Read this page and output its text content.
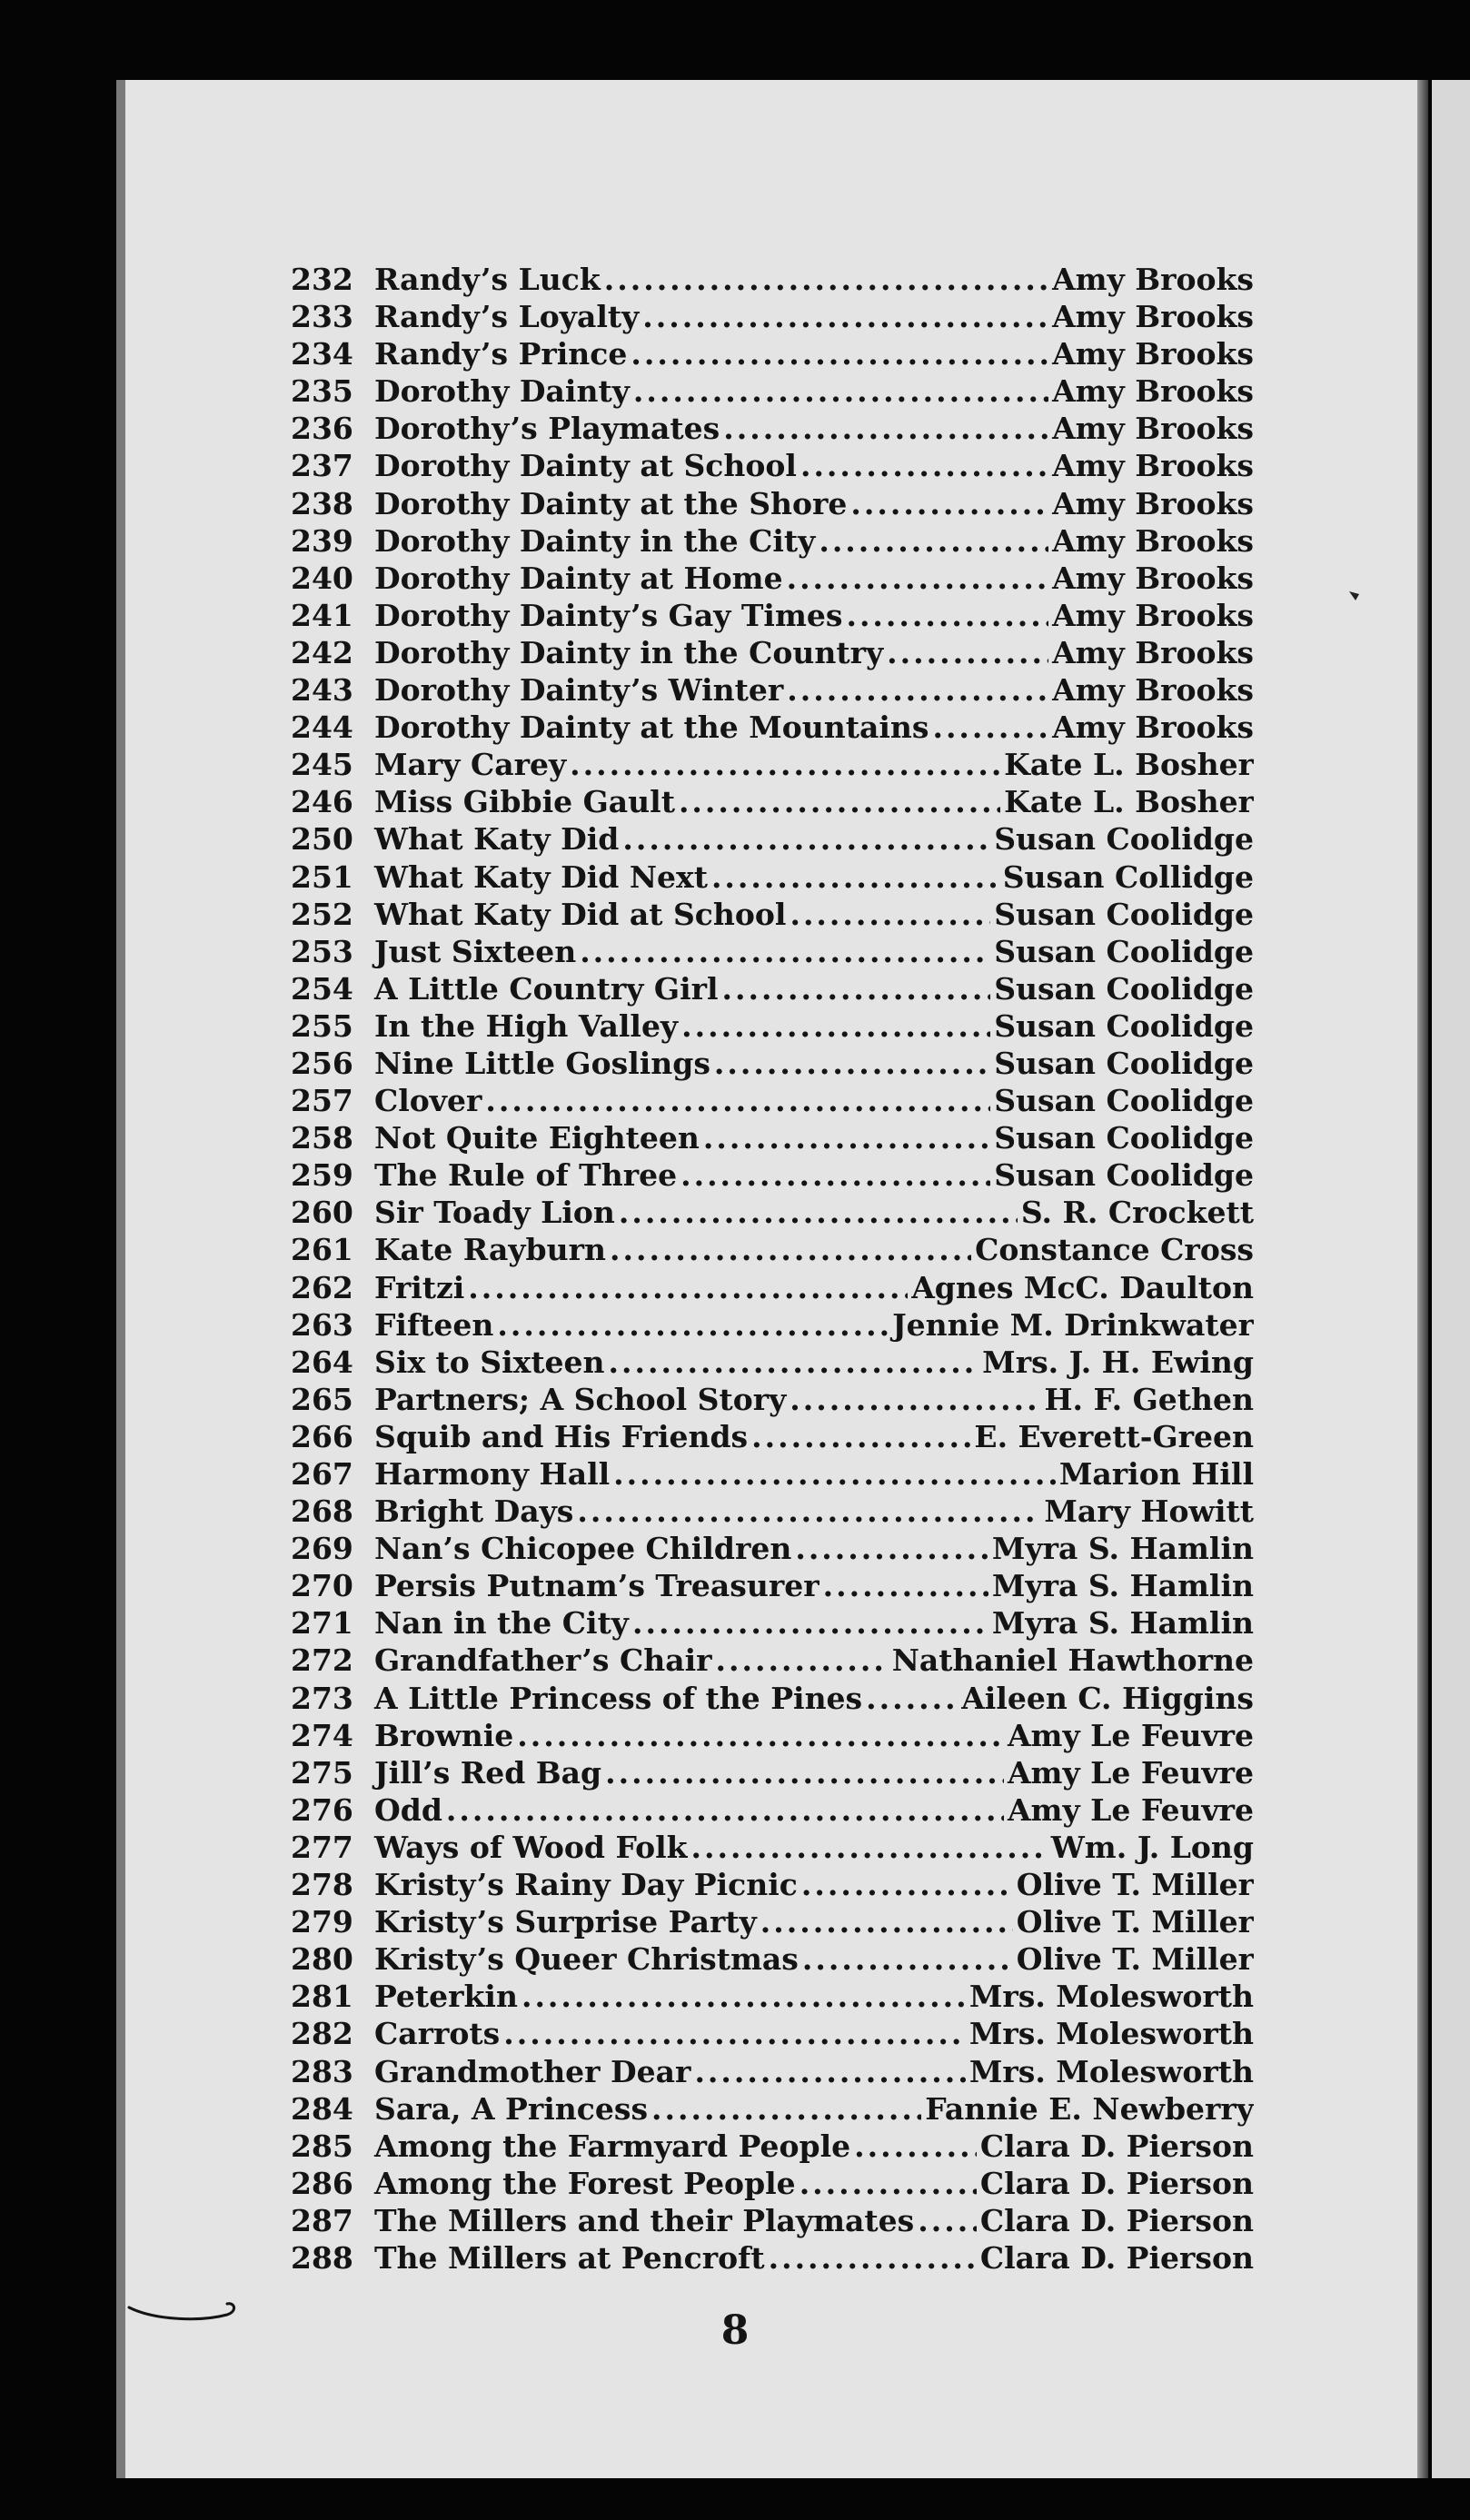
232 Randy’s Luck .....	Amy Brooks
233 Randy’s Loyalty .....	Amy Brooks
234 Randy’s Prince .....	Amy Brooks
235 Dorothy Dainty .....	Amy Brooks
236 Dorothy’s Playmates .....	Amy Brooks
237 Dorothy Dainty at School .....	Amy Brooks
238 Dorothy Dainty at the Shore .....	Amy Brooks
239 Dorothy Dainty in the City .....	Amy Brooks
240 Dorothy Dainty at Home .....	Amy Brooks
241 Dorothy Dainty’s Gay Times .....	Amy Brooks
242 Dorothy Dainty in the Country .....	Amy Brooks
243 Dorothy Dainty’s Winter .....	Amy Brooks
244 Dorothy Dainty at the Mountains .....	Amy Brooks
245 Mary Carey .....	Kate L. Bosher
246 Miss Gibbie Gault .....	Kate L. Bosher
250 What Katy Did .....	Susan Coolidge
251 What Katy Did Next .....	Susan Collidge
252 What Katy Did at School .....	Susan Coolidge
253 Just Sixteen .....	Susan Coolidge
254 A Little Country Girl .....	Susan Coolidge
255 In the High Valley .....	Susan Coolidge
256 Nine Little Goslings .....	Susan Coolidge
257 Clover .....	Susan Coolidge
258 Not Quite Eighteen .....	Susan Coolidge
259 The Rule of Three .....	Susan Coolidge
260 Sir Toady Lion .....	S. R. Crockett
261 Kate Rayburn .....	Constance Cross
262 Fritzi .....	Agnes McC. Daulton
263 Fifteen .....	Jennie M. Drinkwater
264 Six to Sixteen .....	Mrs. J. H. Ewing
265 Partners; A School Story .....	H. F. Gethen
266 Squib and His Friends .....	E. Everett-Green
267 Harmony Hall .....	Marion Hill
268 Bright Days .....	Mary Howitt
269 Nan’s Chicopee Children .....	Myra S. Hamlin
270 Persis Putnam’s Treasurer .....	Myra S. Hamlin
271 Nan in the City .....	Myra S. Hamlin
272 Grandfather’s Chair .....	Nathaniel Hawthorne
273 A Little Princess of the Pines .....	Aileen C. Higgins
274 Brownie .....	Amy Le Feuvre
275 Jill’s Red Bag .....	Amy Le Feuvre
276 Odd .....	Amy Le Feuvre
277 Ways of Wood Folk .....	Wm. J. Long
278 Kristy’s Rainy Day Picnic .....	Olive T. Miller
279 Kristy’s Surprise Party .....	Olive T. Miller
280 Kristy’s Queer Christmas .....	Olive T. Miller
281 Peterkin .....	Mrs. Molesworth
282 Carrots .....	Mrs. Molesworth
283 Grandmother Dear .....	Mrs. Molesworth
284 Sara, A Princess .....	Fannie E. Newberry
285 Among the Farmyard People .....	Clara D. Pierson
286 Among the Forest People .....	Clara D. Pierson
287 The Millers and their Playmates ..... Clara D. Pierson
288 The Millers at Pencroft .....	Clara D. Pierson

8
